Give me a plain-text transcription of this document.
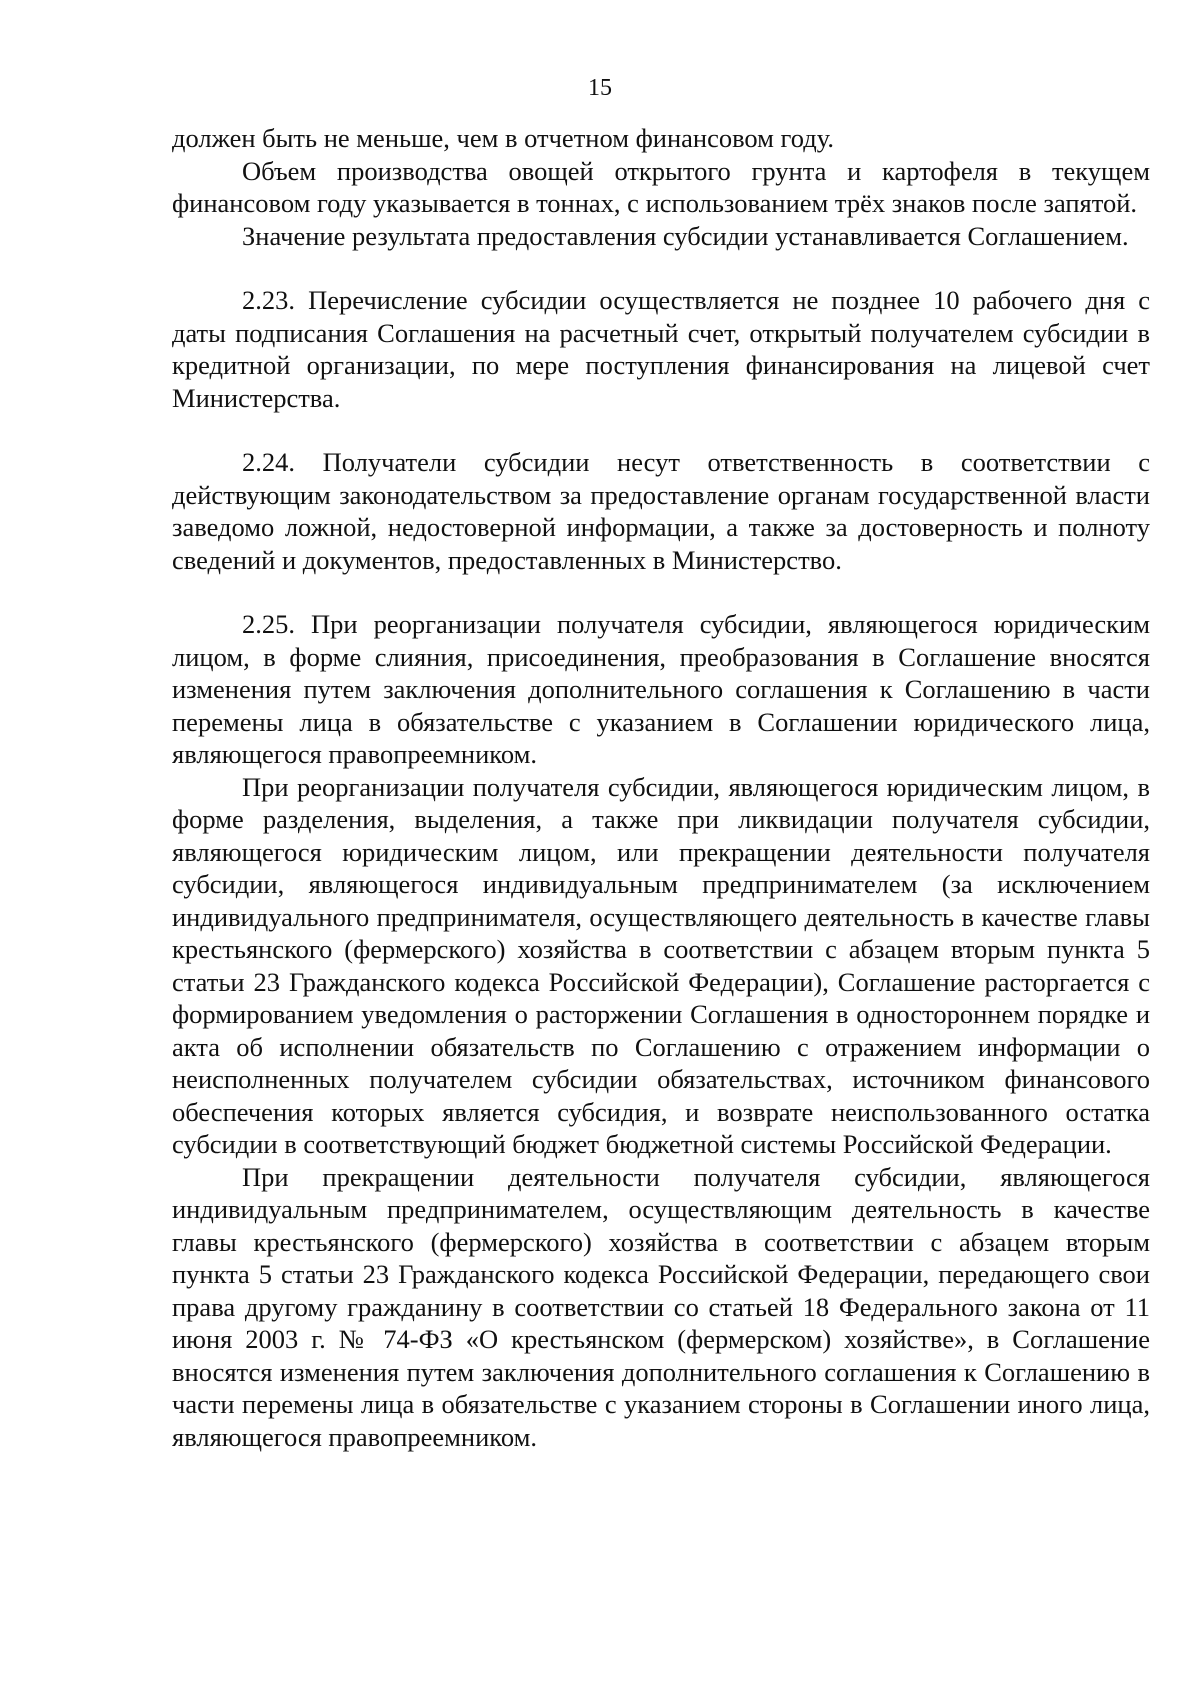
15

должен быть не меньше, чем в отчетном финансовом году.

Объем производства овощей открытого грунта и картофеля в текущем финансовом году указывается в тоннах, с использованием трёх знаков после запятой.

Значение результата предоставления субсидии устанавливается Соглашением.

2.23. Перечисление субсидии осуществляется не позднее 10 рабочего дня с даты подписания Соглашения на расчетный счет, открытый получателем субсидии в кредитной организации, по мере поступления финансирования на лицевой счет Министерства.

2.24. Получатели субсидии несут ответственность в соответствии с действующим законодательством за предоставление органам государственной власти заведомо ложной, недостоверной информации, а также за достоверность и полноту сведений и документов, предоставленных в Министерство.

2.25. При реорганизации получателя субсидии, являющегося юридическим лицом, в форме слияния, присоединения, преобразования в Соглашение вносятся изменения путем заключения дополнительного соглашения к Соглашению в части перемены лица в обязательстве с указанием в Соглашении юридического лица, являющегося правопреемником.

При реорганизации получателя субсидии, являющегося юридическим лицом, в форме разделения, выделения, а также при ликвидации получателя субсидии, являющегося юридическим лицом, или прекращении деятельности получателя субсидии, являющегося индивидуальным предпринимателем (за исключением индивидуального предпринимателя, осуществляющего деятельность в качестве главы крестьянского (фермерского) хозяйства в соответствии с абзацем вторым пункта 5 статьи 23 Гражданского кодекса Российской Федерации), Соглашение расторгается с формированием уведомления о расторжении Соглашения в одностороннем порядке и акта об исполнении обязательств по Соглашению с отражением информации о неисполненных получателем субсидии обязательствах, источником финансового обеспечения которых является субсидия, и возврате неиспользованного остатка субсидии в соответствующий бюджет бюджетной системы Российской Федерации.

При прекращении деятельности получателя субсидии, являющегося индивидуальным предпринимателем, осуществляющим деятельность в качестве главы крестьянского (фермерского) хозяйства в соответствии с абзацем вторым пункта 5 статьи 23 Гражданского кодекса Российской Федерации, передающего свои права другому гражданину в соответствии со статьей 18 Федерального закона от 11 июня 2003 г. № 74-ФЗ «О крестьянском (фермерском) хозяйстве», в Соглашение вносятся изменения путем заключения дополнительного соглашения к Соглашению в части перемены лица в обязательстве с указанием стороны в Соглашении иного лица, являющегося правопреемником.
